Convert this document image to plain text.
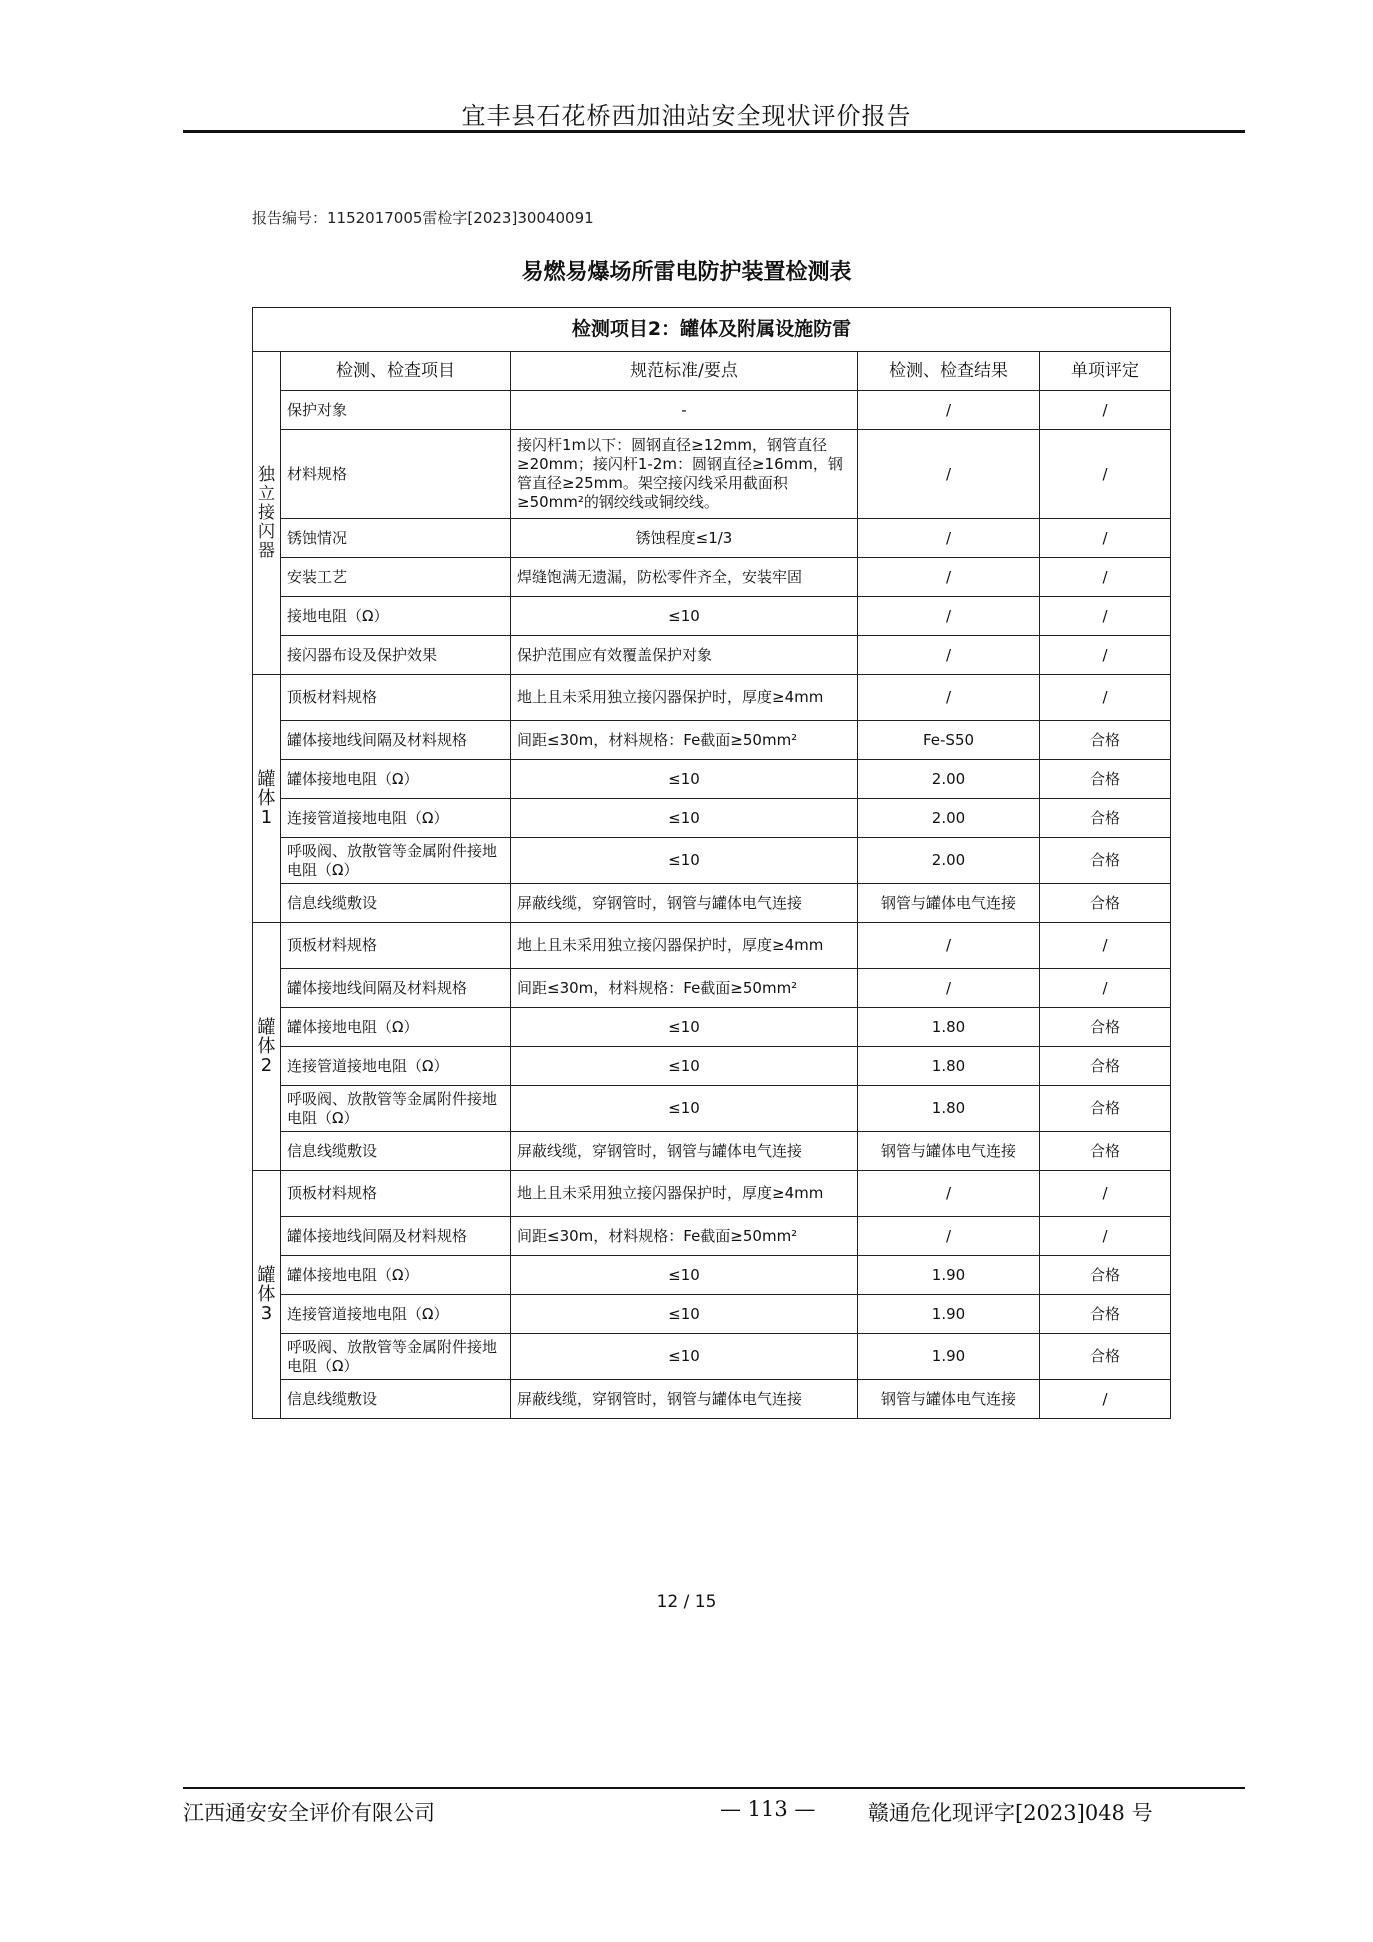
宜丰县石花桥西加油站安全现状评价报告
报告编号：1152017005雷检字[2023]30040091
易燃易爆场所雷电防护装置检测表
检测项目2：罐体及附属设施防雷				
独立接闪器	检测、检查项目	规范标准/要点	检测、检查结果	单项评定
	保护对象	-	/	/
	材料规格	接闪杆1m以下：圆钢直径≥12mm，钢管直径≥20mm；接闪杆1-2m：圆钢直径≥16mm，钢管直径≥25mm。架空接闪线采用截面积≥50mm²的钢绞线或铜绞线。	/	/
	锈蚀情况	锈蚀程度≤1/3	/	/
	安装工艺	焊缝饱满无遗漏，防松零件齐全，安装牢固	/	/
	接地电阻（Ω）	≤10	/	/
	接闪器布设及保护效果	保护范围应有效覆盖保护对象	/	/
罐体1	顶板材料规格	地上且未采用独立接闪器保护时，厚度≥4mm	/	/
	罐体接地线间隔及材料规格	间距≤30m，材料规格：Fe截面≥50mm²	Fe-S50	合格
	罐体接地电阻（Ω）	≤10	2.00	合格
	连接管道接地电阻（Ω）	≤10	2.00	合格
	呼吸阀、放散管等金属附件接地电阻（Ω）	≤10	2.00	合格
	信息线缆敷设	屏蔽线缆，穿钢管时，钢管与罐体电气连接	钢管与罐体电气连接	合格
罐体2	顶板材料规格	地上且未采用独立接闪器保护时，厚度≥4mm	/	/
	罐体接地线间隔及材料规格	间距≤30m，材料规格：Fe截面≥50mm²	/	/
	罐体接地电阻（Ω）	≤10	1.80	合格
	连接管道接地电阻（Ω）	≤10	1.80	合格
	呼吸阀、放散管等金属附件接地电阻（Ω）	≤10	1.80	合格
	信息线缆敷设	屏蔽线缆，穿钢管时，钢管与罐体电气连接	钢管与罐体电气连接	合格
罐体3	顶板材料规格	地上且未采用独立接闪器保护时，厚度≥4mm	/	/
	罐体接地线间隔及材料规格	间距≤30m，材料规格：Fe截面≥50mm²	/	/
	罐体接地电阻（Ω）	≤10	1.90	合格
	连接管道接地电阻（Ω）	≤10	1.90	合格
	呼吸阀、放散管等金属附件接地电阻（Ω）	≤10	1.90	合格
	信息线缆敷设	屏蔽线缆，穿钢管时，钢管与罐体电气连接	钢管与罐体电气连接	/
12 / 15
江西通安安全评价有限公司	— 113 —	赣通危化现评字[2023]048 号
